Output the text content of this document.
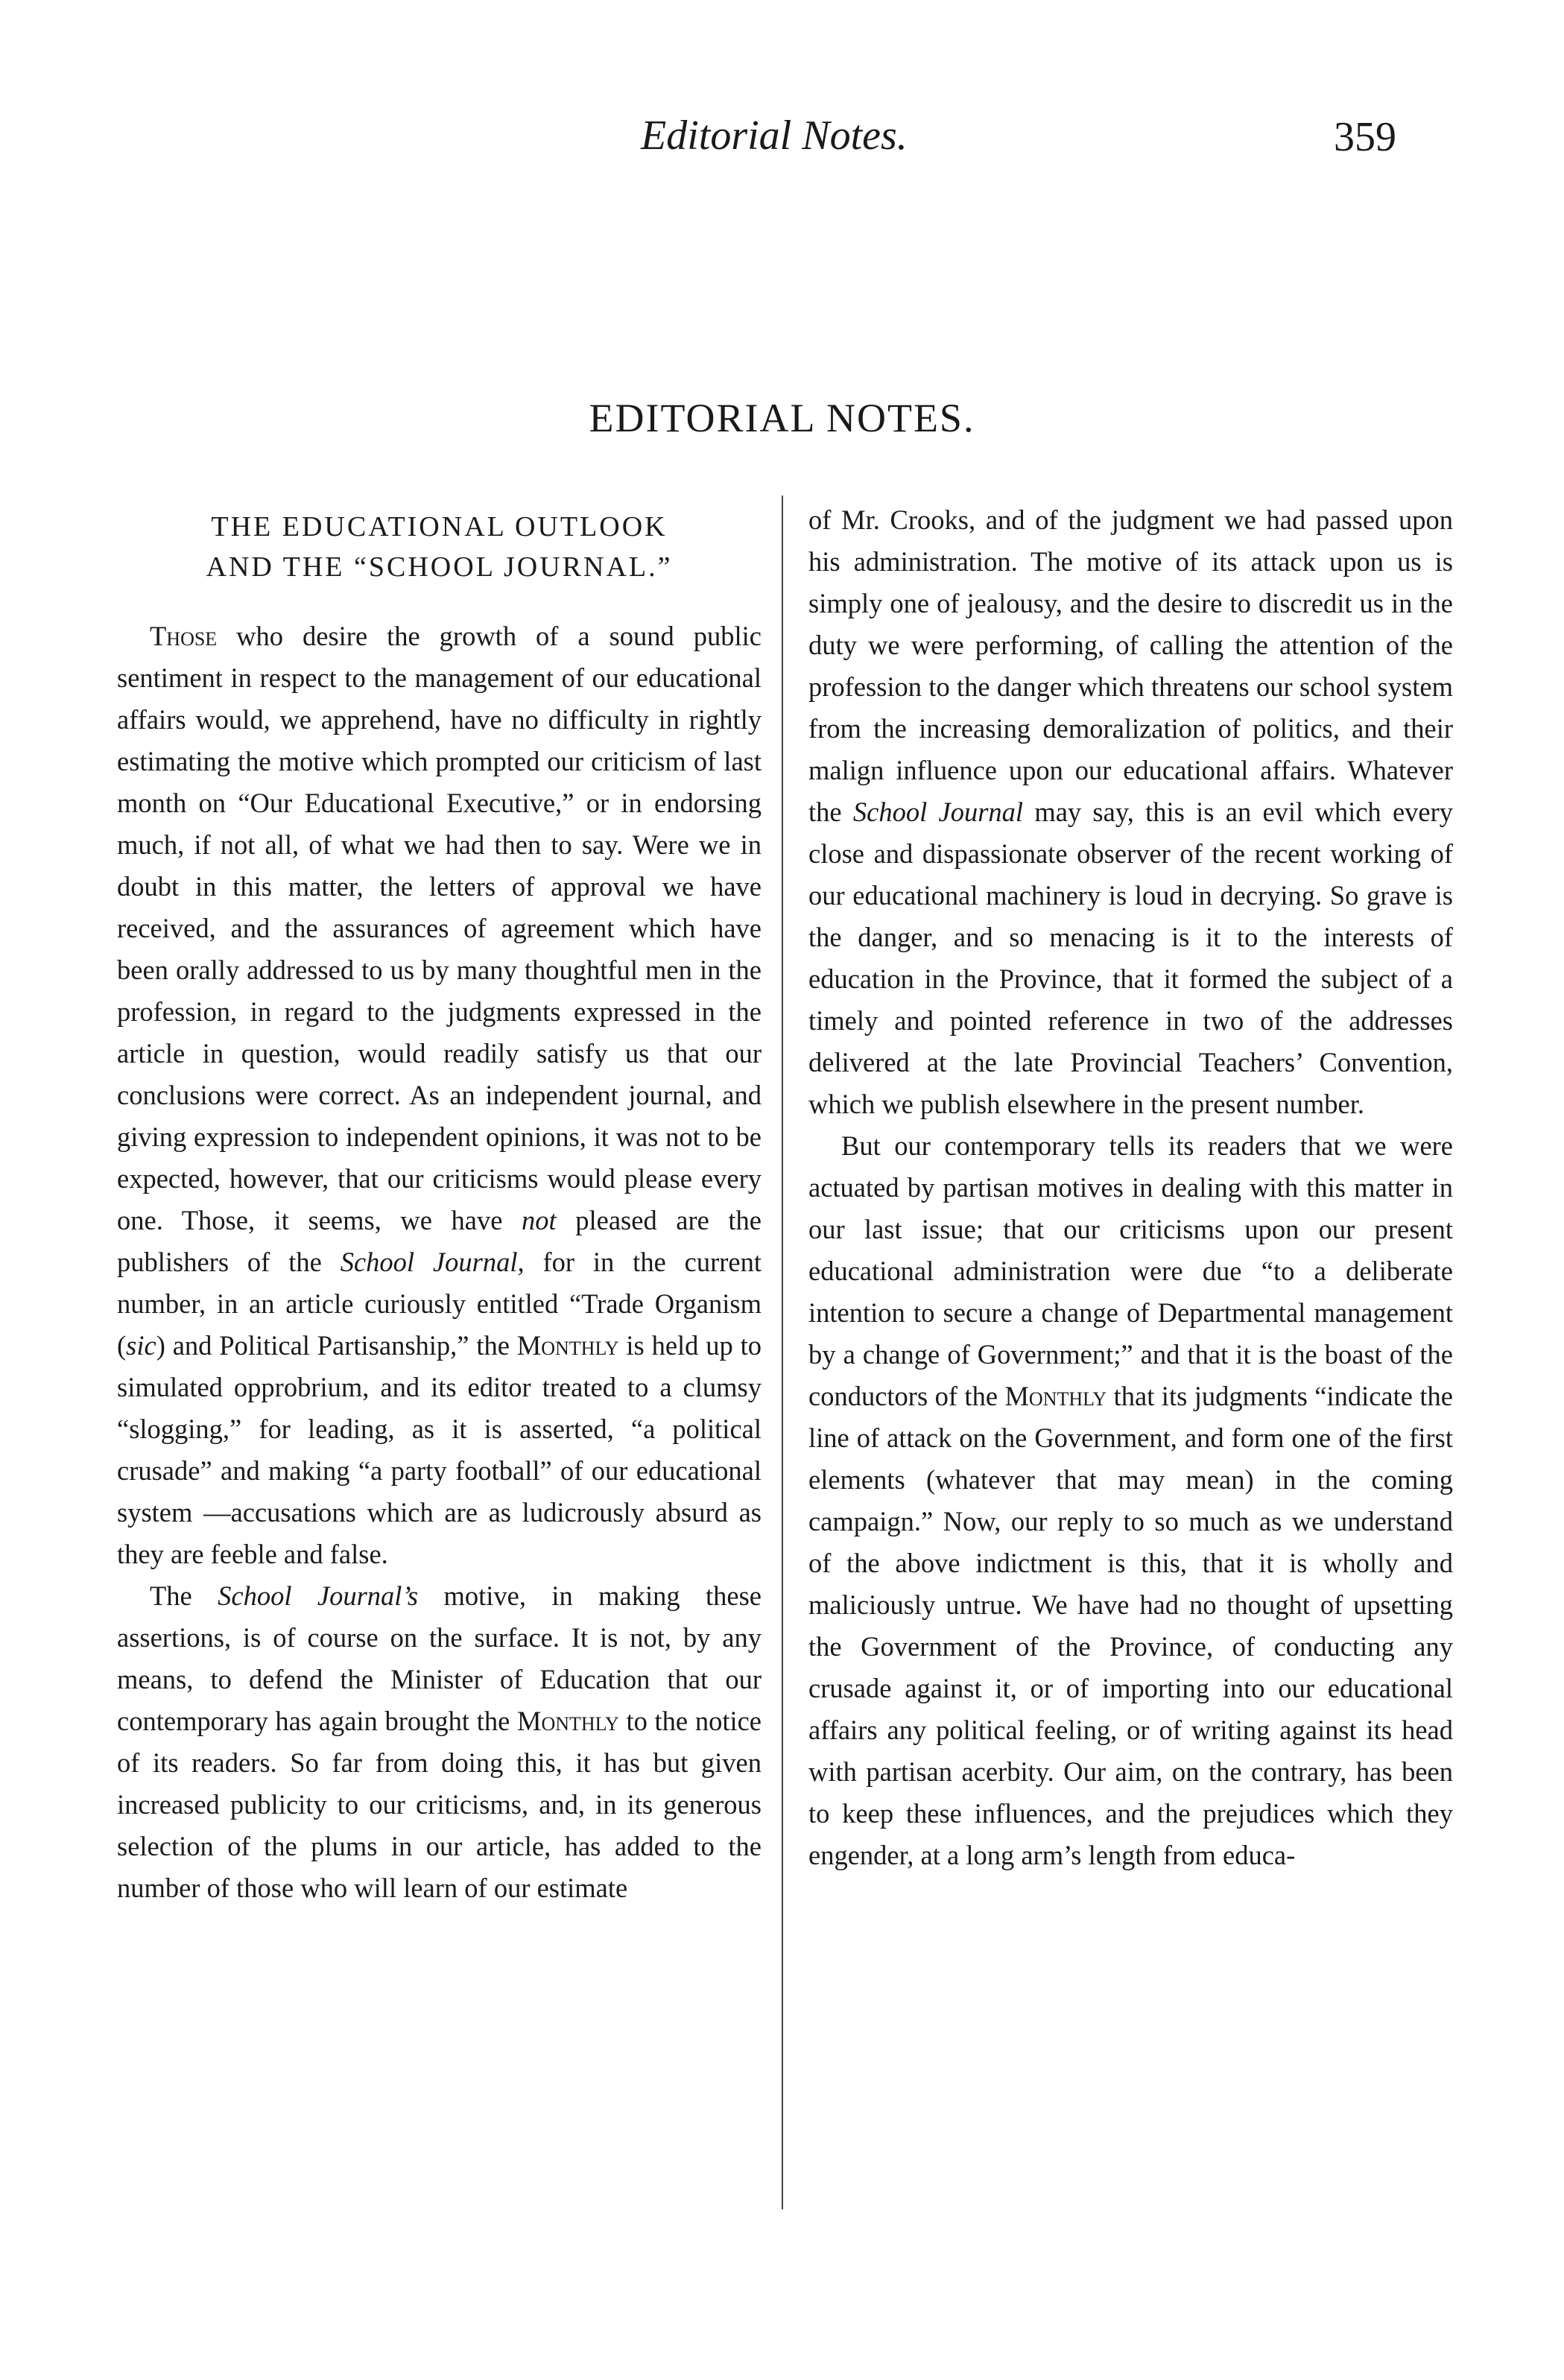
Editorial Notes.	359
EDITORIAL NOTES.
THE EDUCATIONAL OUTLOOK
AND THE “SCHOOL JOURNAL.”

Those who desire the growth of a sound public sentiment in respect to the management of our educational affairs would, we apprehend, have no difficulty in rightly estimating the motive which prompted our criticism of last month on “Our Educational Executive,” or in endorsing much, if not all, of what we had then to say. Were we in doubt in this matter, the letters of approval we have received, and the assurances of agreement which have been orally addressed to us by many thoughtful men in the profession, in regard to the judgments expressed in the article in question, would readily satisfy us that our conclusions were correct. As an independent journal, and giving expression to independent opinions, it was not to be expected, however, that our criticisms would please every one. Those, it seems, we have not pleased are the publishers of the School Journal, for in the current number, in an article curiously entitled “Trade Organism (sic) and Political Partisanship,” the Monthly is held up to simulated opprobrium, and its editor treated to a clumsy “slogging,” for leading, as it is asserted, “a political crusade” and making “a party football” of our educational system —accusations which are as ludicrously absurd as they are feeble and false.

The School Journal’s motive, in making these assertions, is of course on the surface. It is not, by any means, to defend the Minister of Education that our contemporary has again brought the Monthly to the notice of its readers. So far from doing this, it has but given increased publicity to our criticisms, and, in its generous selection of the plums in our article, has added to the number of those who will learn of our estimate

of Mr. Crooks, and of the judgment we had passed upon his administration. The motive of its attack upon us is simply one of jealousy, and the desire to discredit us in the duty we were performing, of calling the attention of the profession to the danger which threatens our school system from the increasing demoralization of politics, and their malign influence upon our educational affairs. Whatever the School Journal may say, this is an evil which every close and dispassionate observer of the recent working of our educational machinery is loud in decrying. So grave is the danger, and so menacing is it to the interests of education in the Province, that it formed the subject of a timely and pointed reference in two of the addresses delivered at the late Provincial Teachers’ Convention, which we publish elsewhere in the present number.

But our contemporary tells its readers that we were actuated by partisan motives in dealing with this matter in our last issue; that our criticisms upon our present educational administration were due “to a deliberate intention to secure a change of Departmental management by a change of Government;” and that it is the boast of the conductors of the Monthly that its judgments “indicate the line of attack on the Government, and form one of the first elements (whatever that may mean) in the coming campaign.” Now, our reply to so much as we understand of the above indictment is this, that it is wholly and maliciously untrue. We have had no thought of upsetting the Government of the Province, of conducting any crusade against it, or of importing into our educational affairs any political feeling, or of writing against its head with partisan acerbity. Our aim, on the contrary, has been to keep these influences, and the prejudices which they engender, at a long arm’s length from educa-
